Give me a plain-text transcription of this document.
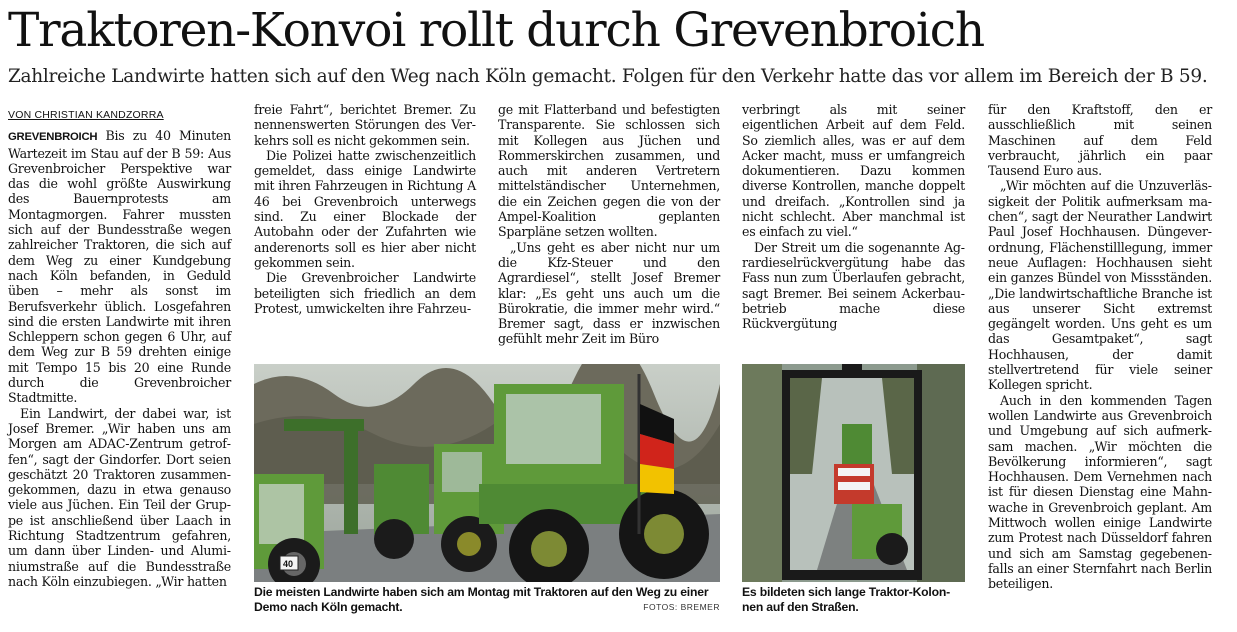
Traktoren-Konvoi rollt durch Grevenbroich
Zahlreiche Landwirte hatten sich auf den Weg nach Köln gemacht. Folgen für den Verkehr hatte das vor allem im Bereich der B 59.
VON CHRISTIAN KANDZORRA

GREVENBROICH Bis zu 40 Minuten Wartezeit im Stau auf der B 59: Aus Grevenbroicher Perspektive war das die wohl größte Auswirkung des Bauernprotests am Montagmorgen. Fahrer mussten sich auf der Bundesstraße wegen zahlreicher Traktoren, die sich auf dem Weg zu einer Kundgebung nach Köln befanden, in Geduld üben – mehr als sonst im Berufsverkehr üblich. Losgefahren sind die ersten Landwirte mit ihren Schleppern schon gegen 6 Uhr, auf dem Weg zur B 59 drehten einige mit Tempo 15 bis 20 eine Runde durch die Grevenbroicher Stadtmitte.

Ein Landwirt, der dabei war, ist Josef Bremer. „Wir haben uns am Morgen am ADAC-Zentrum getroffen“, sagt der Gindorfer. Dort seien geschätzt 20 Traktoren zusammengekommen, dazu in etwa genauso viele aus Jüchen. Ein Teil der Gruppe ist anschließend über Laach in Richtung Stadtzentrum gefahren, um dann über Linden- und Aluminiumstraße auf die Bundesstraße nach Köln einzubiegen. „Wir hatten

freie Fahrt“, berichtet Bremer. Zu nennenswerten Störungen des Verkehrs soll es nicht gekommen sein.

Die Polizei hatte zwischenzeitlich gemeldet, dass einige Landwirte mit ihren Fahrzeugen in Richtung A 46 bei Grevenbroich unterwegs sind. Zu einer Blockade der Autobahn oder der Zufahrten wie anderenorts soll es hier aber nicht gekommen sein.

Die Grevenbroicher Landwirte beteiligten sich friedlich an dem Protest, umwickelten ihre Fahrzeu-

ge mit Flatterband und befestigten Transparente. Sie schlossen sich mit Kollegen aus Jüchen und Rommerskirchen zusammen, und auch mit anderen Vertretern mittelständischer Unternehmen, die ein Zeichen gegen die von der Ampel-Koalition geplanten Sparpläne setzen wollten.

„Uns geht es aber nicht nur um die Kfz-Steuer und den Agrardiesel“, stellt Josef Bremer klar: „Es geht uns auch um die Bürokratie, die immer mehr wird.“ Bremer sagt, dass er inzwischen gefühlt mehr Zeit im Büro

verbringt als mit seiner eigentlichen Arbeit auf dem Feld. So ziemlich alles, was er auf dem Acker macht, muss er umfangreich dokumentieren. Dazu kommen diverse Kontrollen, manche doppelt und dreifach. „Kontrollen sind ja nicht schlecht. Aber manchmal ist es einfach zu viel.“

Der Streit um die sogenannte Agrardieselrückvergütung habe das Fass nun zum Überlaufen gebracht, sagt Bremer. Bei seinem Ackerbaubetrieb mache diese Rückvergütung

für den Kraftstoff, den er ausschließlich mit seinen Maschinen auf dem Feld verbraucht, jährlich ein paar Tausend Euro aus.

„Wir möchten auf die Unzuverlässigkeit der Politik aufmerksam machen“, sagt der Neurather Landwirt Paul Josef Hochhausen. Düngeverordnung, Flächenstilllegung, immer neue Auflagen: Hochhausen sieht ein ganzes Bündel von Missständen. „Die landwirtschaftliche Branche ist aus unserer Sicht extremst gegängelt worden. Uns geht es um das Gesamtpaket“, sagt Hochhausen, der damit stellvertretend für viele seiner Kollegen spricht.

Auch in den kommenden Tagen wollen Landwirte aus Grevenbroich und Umgebung auf sich aufmerksam machen. „Wir möchten die Bevölkerung informieren“, sagt Hochhausen. Dem Vernehmen nach ist für diesen Dienstag eine Mahnwache in Grevenbroich geplant. Am Mittwoch wollen einige Landwirte zum Protest nach Düsseldorf fahren und sich am Samstag gegebenenfalls an einer Sternfahrt nach Berlin beteiligen.

40
Die meisten Landwirte haben sich am Montag mit Traktoren auf den Weg zu einer Demo nach Köln gemacht.	FOTOS: BREMER
Es bildeten sich lange Traktor-Kolonnen auf den Straßen.
